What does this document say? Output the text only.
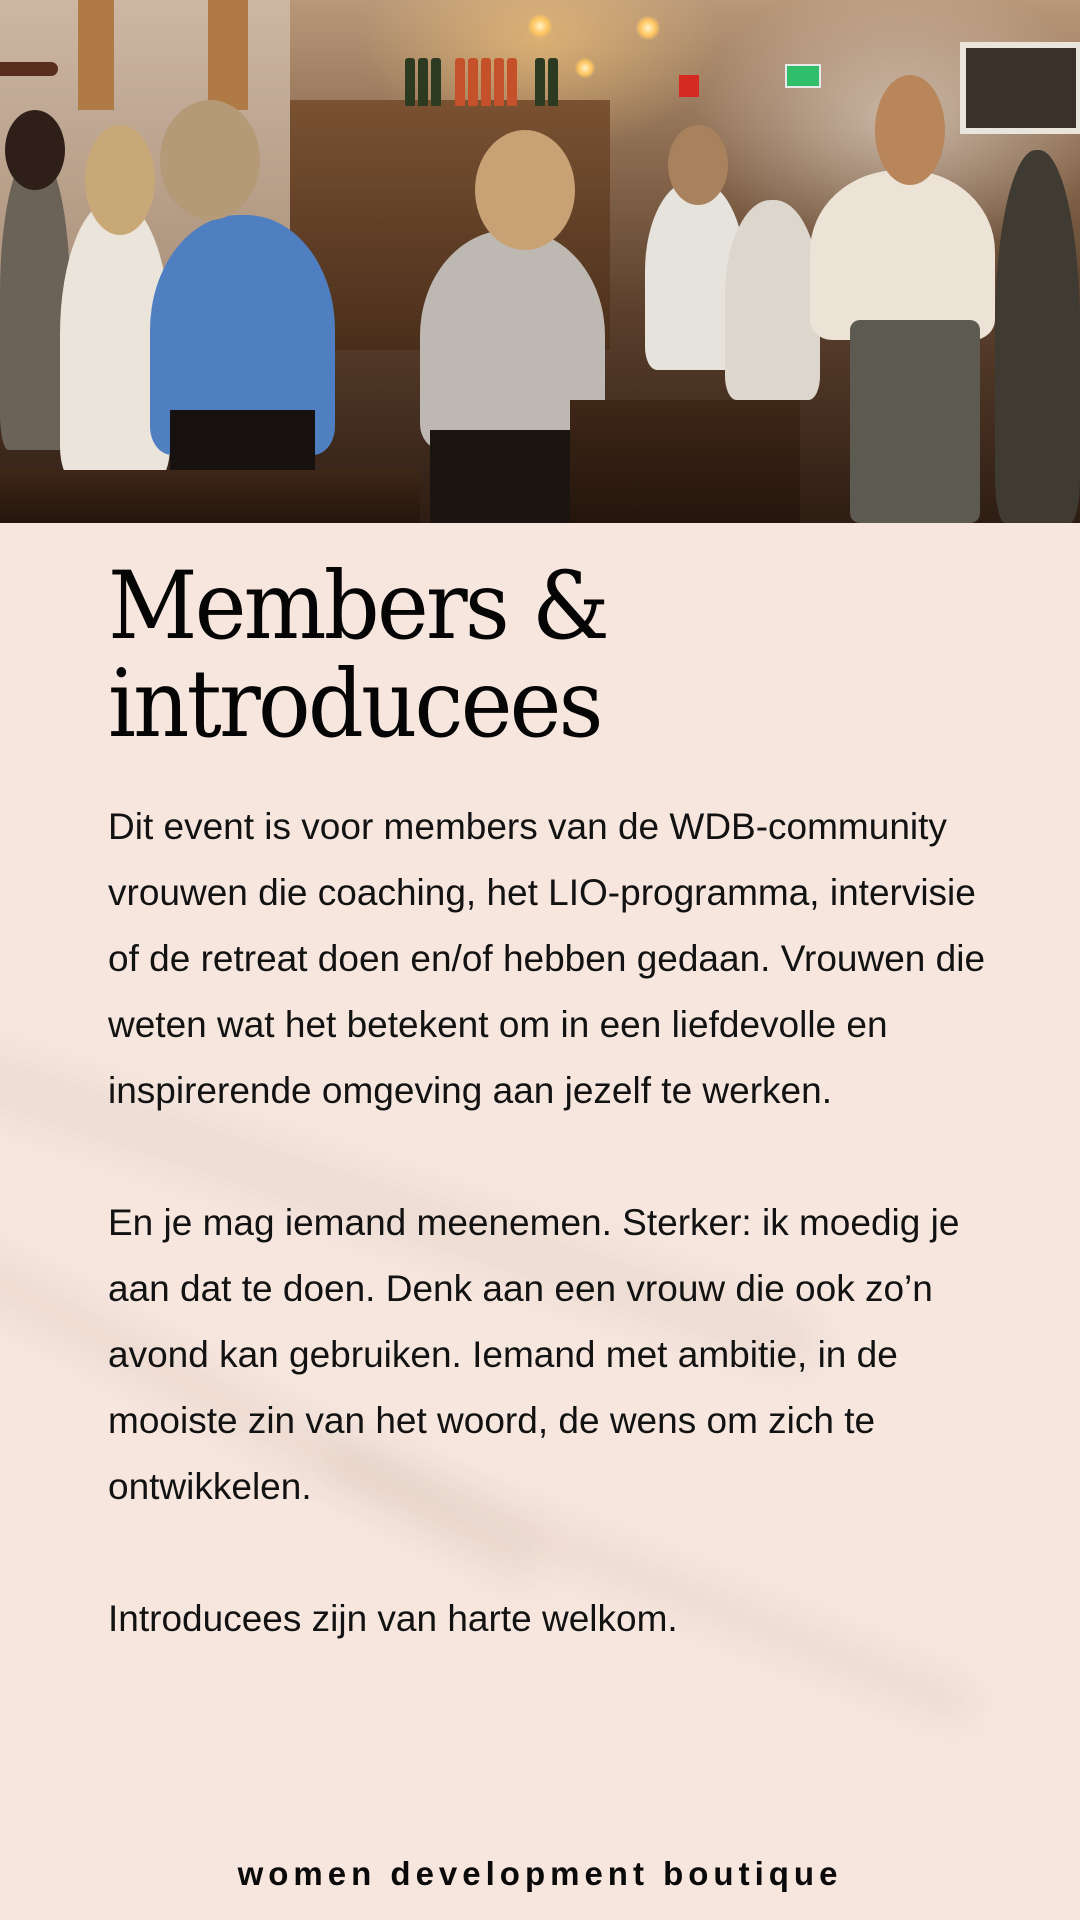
Members &
introducees

Dit event is voor members van de WDB-community vrouwen die coaching, het LIO-programma, intervisie of de retreat doen en/of hebben gedaan. Vrouwen die weten wat het betekent om in een liefdevolle en inspirerende omgeving aan jezelf te werken.

En je mag iemand meenemen. Sterker: ik moedig je aan dat te doen. Denk aan een vrouw die ook zo’n avond kan gebruiken. Iemand met ambitie, in de mooiste zin van het woord, de wens om zich te ontwikkelen.

Introducees zijn van harte welkom.

women development boutique
